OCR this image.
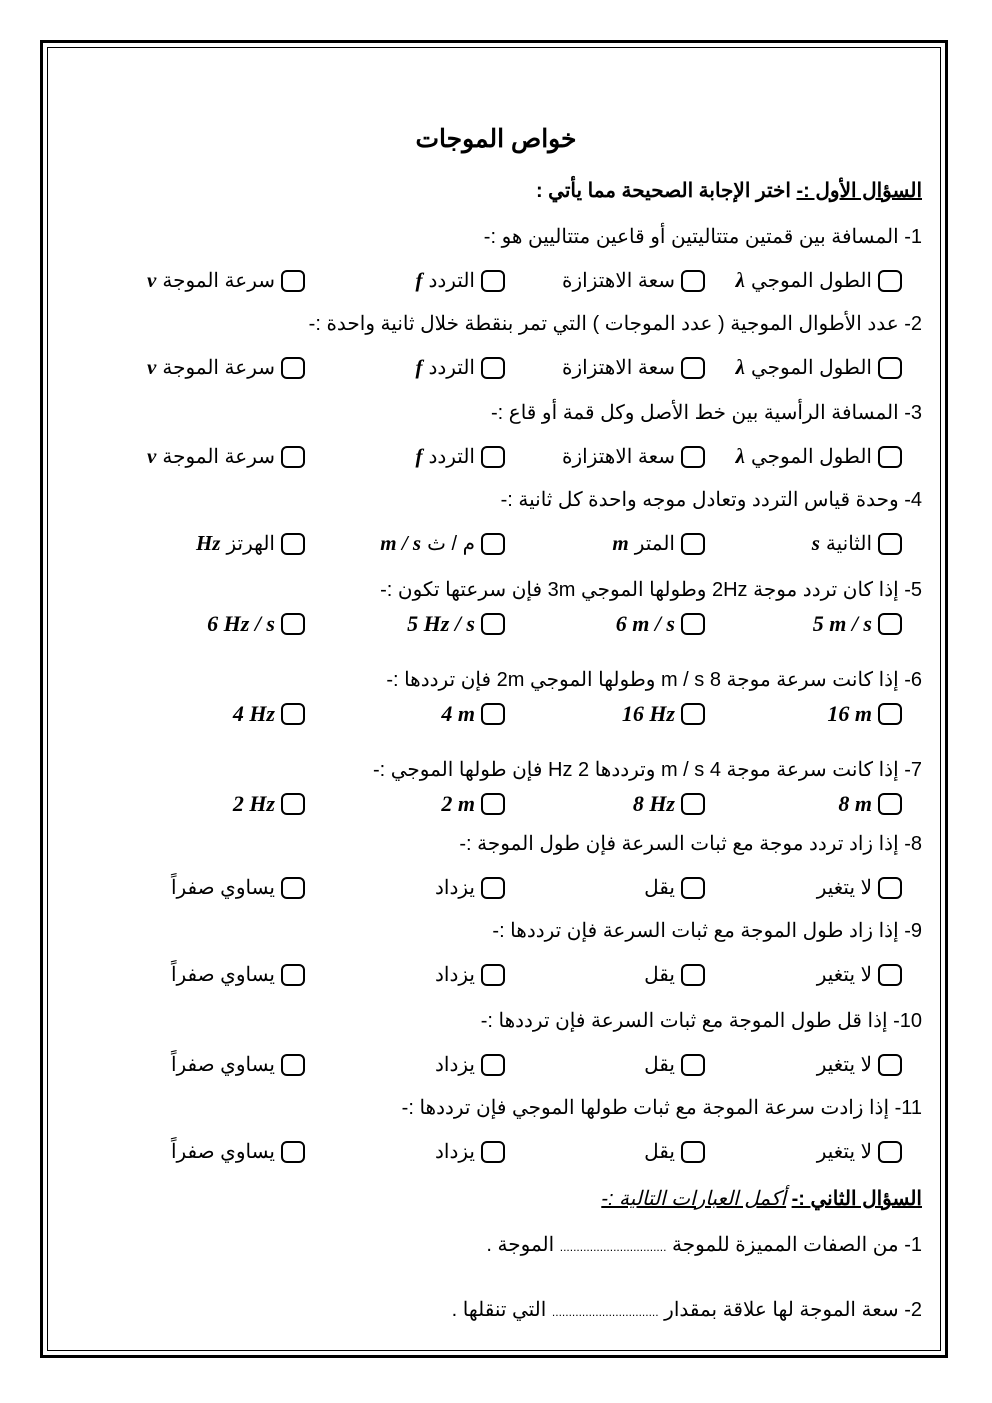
خواص الموجات
السؤال الأول :- اختر الإجابة الصحيحة مما يأتي :
1- المسافة بين قمتين متتاليتين أو قاعين متتاليين هو :-
الطول الموجي
λ
سعة الاهتزازة
التردد
f
سرعة الموجة
v
2- عدد الأطوال الموجية ( عدد الموجات ) التي تمر بنقطة خلال ثانية واحدة :-
الطول الموجي
λ
سعة الاهتزازة
التردد
f
سرعة الموجة
v
3- المسافة الرأسية بين خط الأصل وكل قمة أو قاع :-
الطول الموجي
λ
سعة الاهتزازة
التردد
f
سرعة الموجة
v
4- وحدة قياس التردد وتعادل موجه واحدة كل ثانية :-
الثانية
s
المتر
m
م / ث
m / s
الهرتز
Hz
5- إذا كان تردد موجة 2Hz وطولها الموجي 3m فإن سرعتها تكون :-
5 m / s
6 m / s
5 Hz / s
6 Hz / s
6- إذا كانت سرعة موجة 8 m / s وطولها الموجي 2m فإن ترددها :-
16 m
16 Hz
4 m
4 Hz
7- إذا كانت سرعة موجة 4 m / s وترددها 2 Hz فإن طولها الموجي :-
8 m
8 Hz
2 m
2 Hz
8- إذا زاد تردد موجة مع ثبات السرعة فإن طول الموجة :-
لا يتغير
يقل
يزداد
يساوي صفراً
9- إذا زاد طول الموجة مع ثبات السرعة فإن ترددها :-
لا يتغير
يقل
يزداد
يساوي صفراً
10- إذا قل طول الموجة مع ثبات السرعة فإن ترددها :-
لا يتغير
يقل
يزداد
يساوي صفراً
11- إذا زادت سرعة الموجة مع ثبات طولها الموجي فإن ترددها :-
لا يتغير
يقل
يزداد
يساوي صفراً
السؤال الثاني :- أكمل العبارات التالية :-
1- من الصفات المميزة للموجة ................................ الموجة .
2- سعة الموجة لها علاقة بمقدار ................................ التي تنقلها .
